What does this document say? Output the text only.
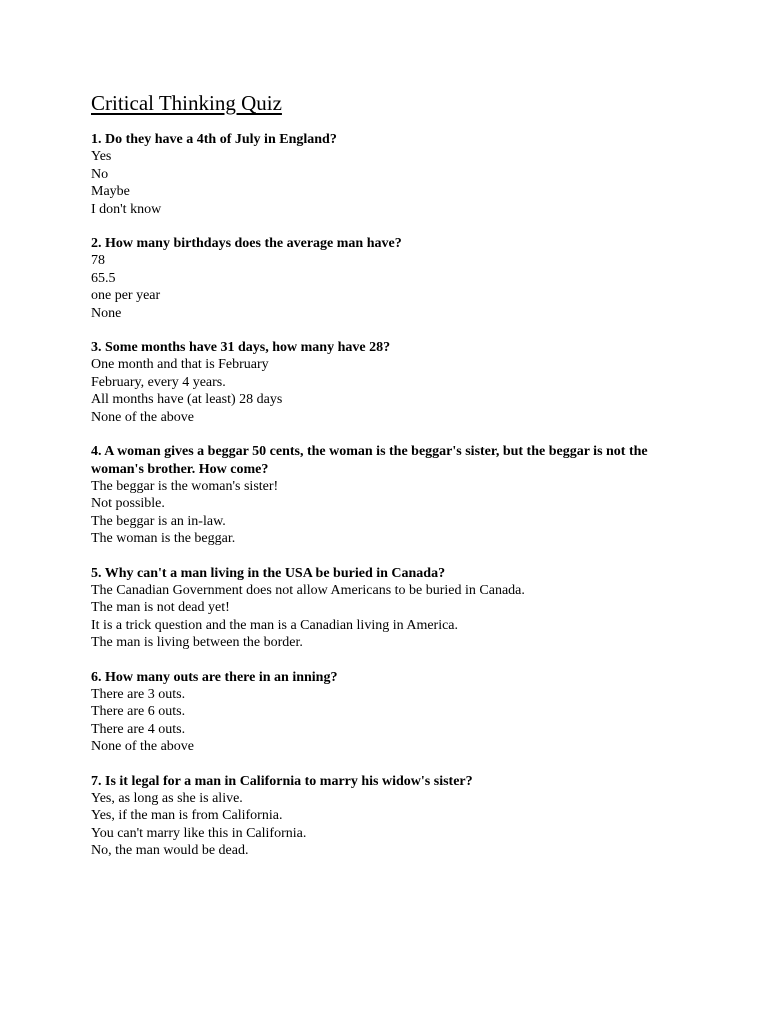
Critical Thinking Quiz

1. Do they have a 4th of July in England?

Yes
No
Maybe
I don't know

2. How many birthdays does the average man have?

78
65.5
one per year
None

3. Some months have 31 days, how many have 28?

One month and that is February
February, every 4 years.
All months have (at least) 28 days
None of the above

4. A woman gives a beggar 50 cents, the woman is the beggar's sister, but the beggar is not the woman's brother. How come?

The beggar is the woman's sister!
Not possible.
The beggar is an in-law.
The woman is the beggar.

5. Why can't a man living in the USA be buried in Canada?

The Canadian Government does not allow Americans to be buried in Canada.
The man is not dead yet!
It is a trick question and the man is a Canadian living in America.
The man is living between the border.

6. How many outs are there in an inning?

There are 3 outs.
There are 6 outs.
There are 4 outs.
None of the above

7. Is it legal for a man in California to marry his widow's sister?

Yes, as long as she is alive.
Yes, if the man is from California.
You can't marry like this in California.
No, the man would be dead.
